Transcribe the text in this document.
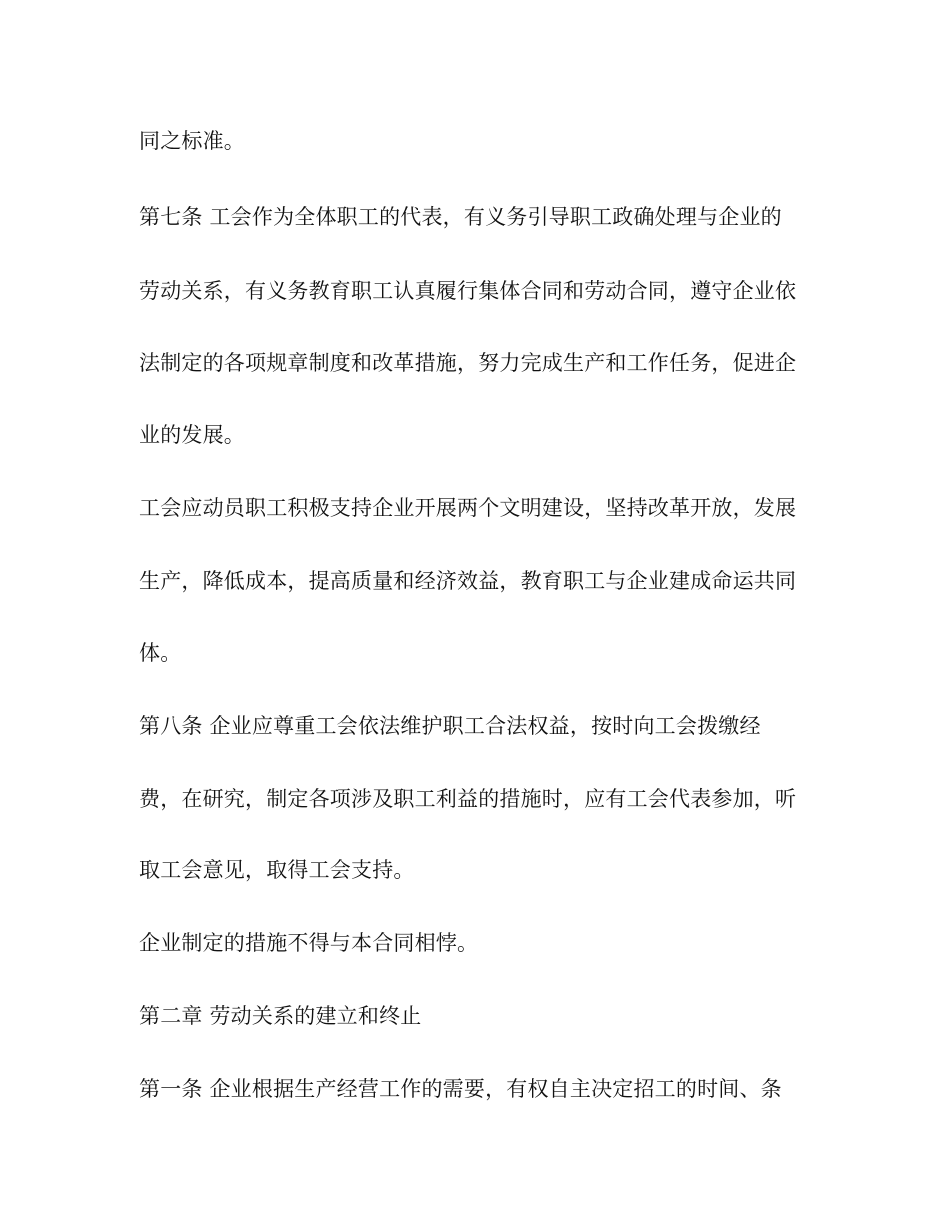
同之标准。
第七条 工会作为全体职工的代表，有义务引导职工政确处理与企业的
劳动关系，有义务教育职工认真履行集体合同和劳动合同，遵守企业依
法制定的各项规章制度和改革措施，努力完成生产和工作任务，促进企
业的发展。
工会应动员职工积极支持企业开展两个文明建设，坚持改革开放，发展
生产，降低成本，提高质量和经济效益，教育职工与企业建成命运共同
体。
第八条 企业应尊重工会依法维护职工合法权益，按时向工会拨缴经
费，在研究，制定各项涉及职工利益的措施时，应有工会代表参加，听
取工会意见，取得工会支持。
企业制定的措施不得与本合同相悖。
第二章 劳动关系的建立和终止
第一条 企业根据生产经营工作的需要，有权自主决定招工的时间、条
